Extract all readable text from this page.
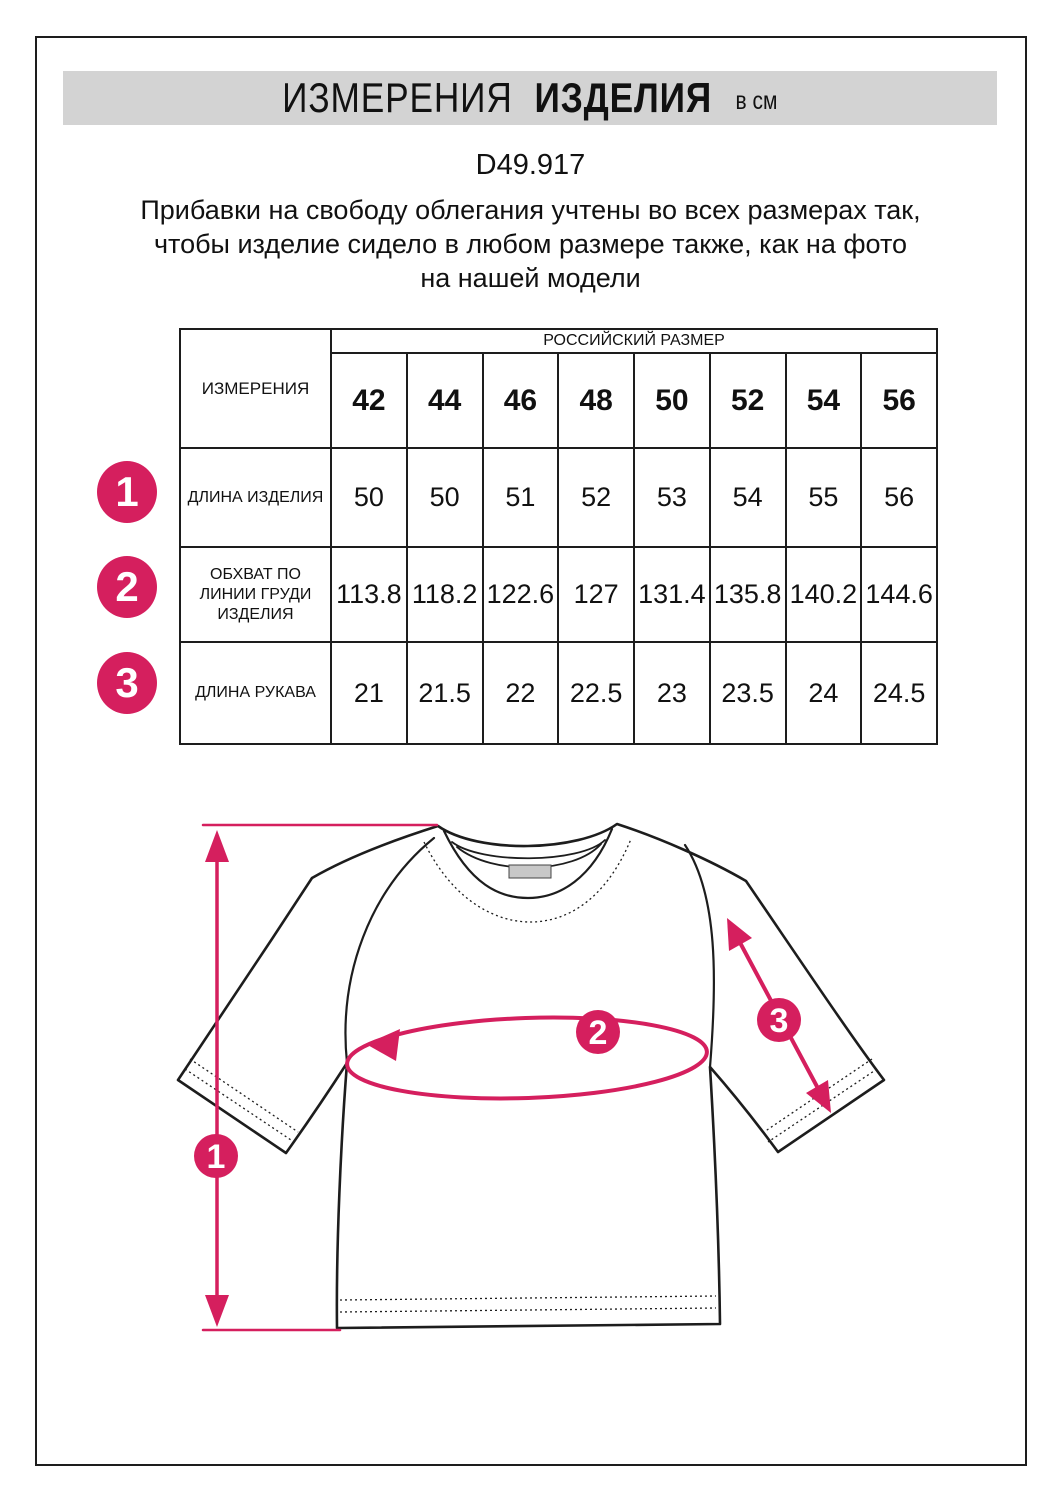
ИЗМЕРЕНИЯ ИЗДЕЛИЯ в см
D49.917
Прибавки на свободу облегания учтены во всех размерах так,
чтобы изделие сидело в любом размере также, как на фото
на нашей модели
ИЗМЕРЕНИЯ	РОССИЙСКИЙ РАЗМЕР							
	42	44	46	48	50	52	54	56
ДЛИНА ИЗДЕЛИЯ	50	50	51	52	53	54	55	56
ОБХВАТ ПО ЛИНИИ ГРУДИ ИЗДЕЛИЯ	113.8	118.2	122.6	127	131.4	135.8	140.2	144.6
ДЛИНА РУКАВА	21	21.5	22	22.5	23	23.5	24	24.5
1
2
3
1
2	3
